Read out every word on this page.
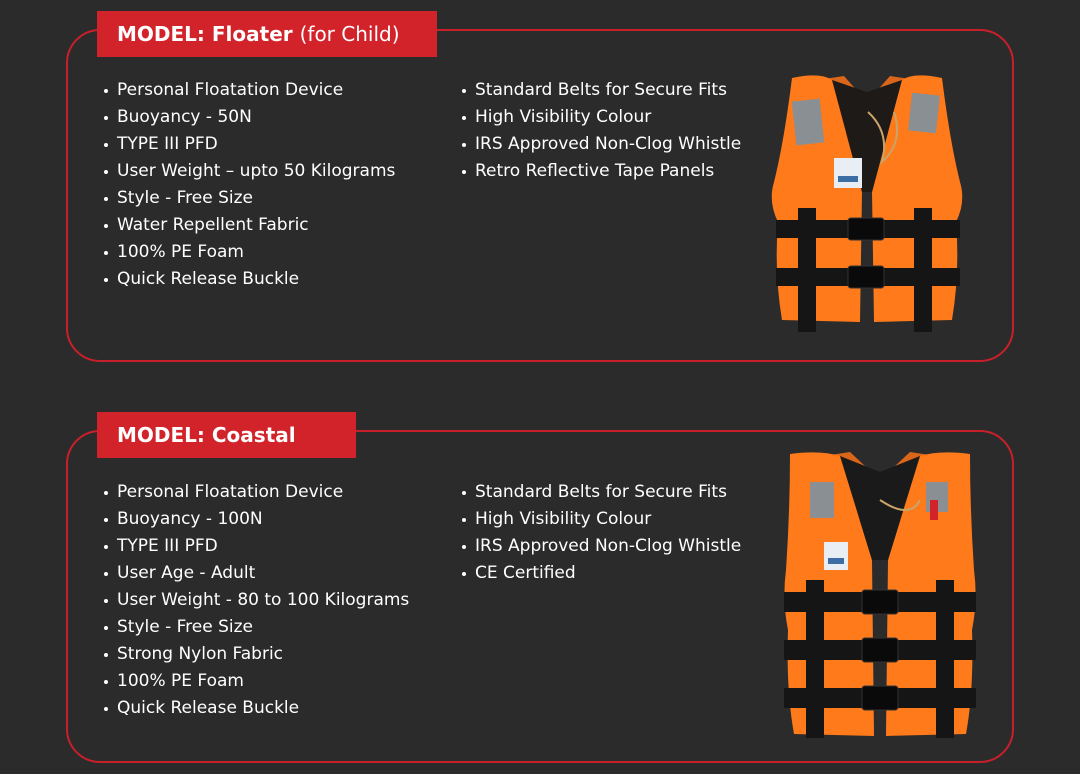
MODEL: Floater (for Child)
Personal Floatation Device
Buoyancy - 50N
TYPE III PFD
User Weight – upto 50 Kilograms
Style - Free Size
Water Repellent Fabric
100% PE Foam
Quick Release Buckle
Standard Belts for Secure Fits
High Visibility Colour
IRS Approved Non-Clog Whistle
Retro Reflective Tape Panels
MODEL: Coastal
Personal Floatation Device
Buoyancy - 100N
TYPE III PFD
User Age - Adult
User Weight - 80 to 100 Kilograms
Style - Free Size
Strong Nylon Fabric
100% PE Foam
Quick Release Buckle
Standard Belts for Secure Fits
High Visibility Colour
IRS Approved Non-Clog Whistle
CE Certified
